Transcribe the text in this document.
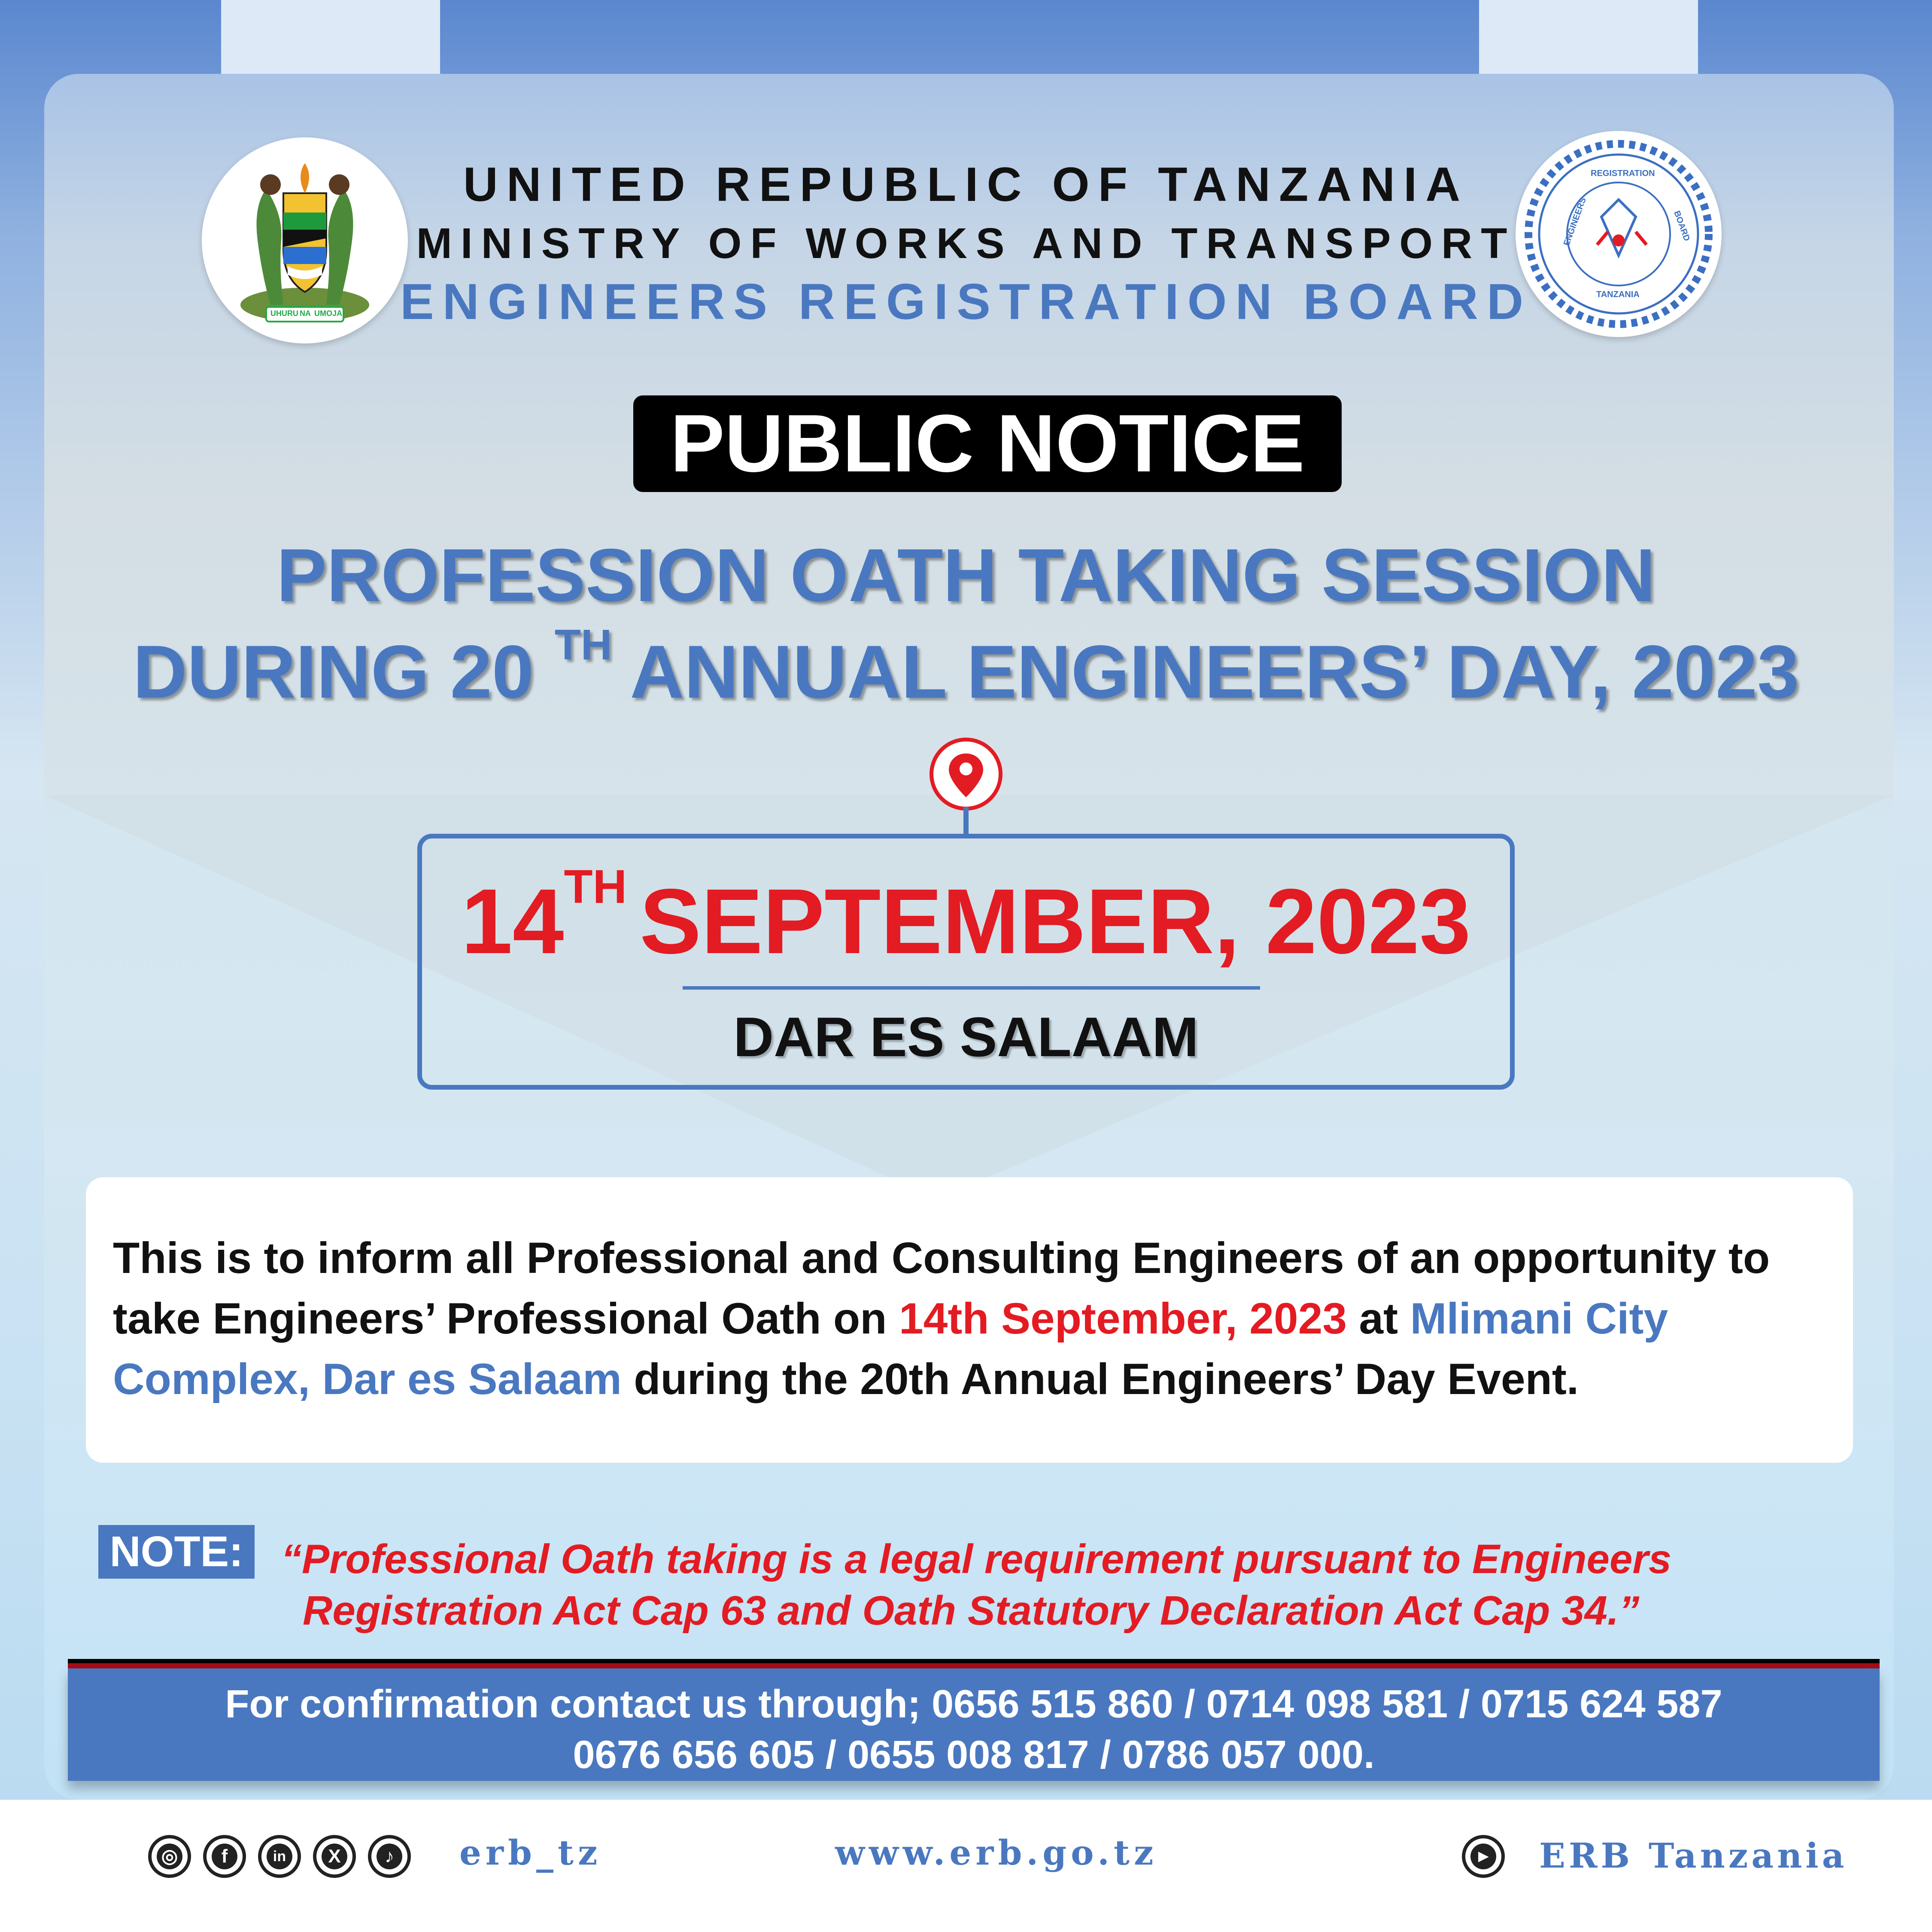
UHURU NA UMOJA
ENGINEERS
REGISTRATION
BOARD
TANZANIA
UNITED REPUBLIC OF TANZANIA
MINISTRY OF WORKS AND TRANSPORT
ENGINEERS REGISTRATION BOARD
PUBLIC NOTICE
PROFESSION OATH TAKING SESSION
DURING 20 $^{TH}$ ANNUAL ENGINEERS’ DAY, 2023
14TH SEPTEMBER, 2023
DAR ES SALAAM
This is to inform all Professional and Consulting Engineers of an opportunity to take Engineers’ Professional Oath on 14th September, 2023 at Mlimani City Complex, Dar es Salaam during the 20th Annual Engineers’ Day Event.
NOTE: “Professional Oath taking is a legal requirement pursuant to Engineers
Registration Act Cap 63 and Oath Statutory Declaration Act Cap 34.”
For confirmation contact us through; 0656 515 860 / 0714 098 581 / 0715 624 587
0676 656 605 / 0655 008 817 / 0786 057 000.
◎	f	in	X	♪ erb_tz	www.erb.go.tz	▶ ERB Tanzania
